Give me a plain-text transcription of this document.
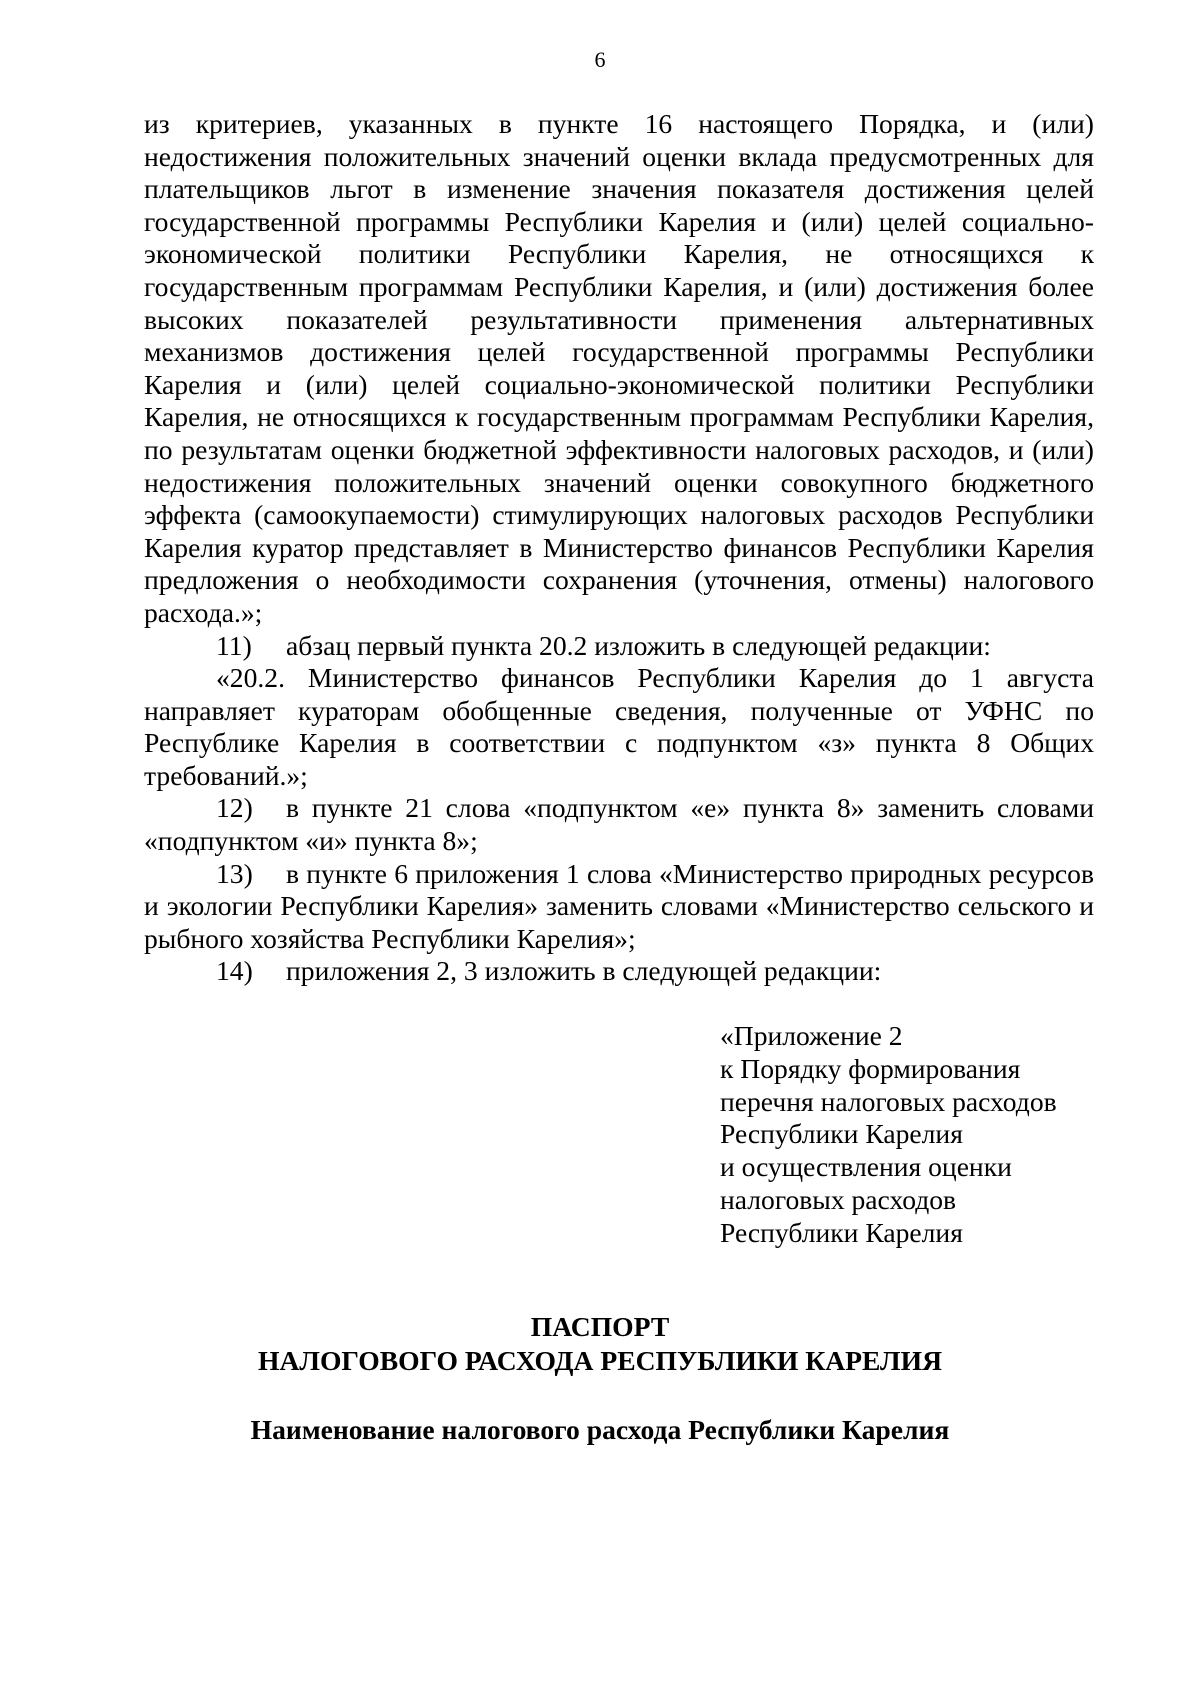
6

из критериев, указанных в пункте 16 настоящего Порядка, и (или) недостижения положительных значений оценки вклада предусмотренных для плательщиков льгот в изменение значения показателя достижения целей государственной программы Республики Карелия и (или) целей социально-экономической политики Республики Карелия, не относящихся к государственным программам Республики Карелия, и (или) достижения более высоких показателей результативности применения альтернативных механизмов достижения целей государственной программы Республики Карелия и (или) целей социально-экономической политики Республики Карелия, не относящихся к государственным программам Республики Карелия, по результатам оценки бюджетной эффективности налоговых расходов, и (или) недостижения положительных значений оценки совокупного бюджетного эффекта (самоокупаемости) стимулирующих налоговых расходов Республики Карелия куратор представляет в Министерство финансов Республики Карелия предложения о необходимости сохранения (уточнения, отмены) налогового расхода.»;

11) абзац первый пункта 20.2 изложить в следующей редакции:

«20.2. Министерство финансов Республики Карелия до 1 августа направляет кураторам обобщенные сведения, полученные от УФНС по Республике Карелия в соответствии с подпунктом «з» пункта 8 Общих требований.»;

12) в пункте 21 слова «подпунктом «е» пункта 8» заменить словами «подпунктом «и» пункта 8»;

13) в пункте 6 приложения 1 слова «Министерство природных ресурсов и экологии Республики Карелия» заменить словами «Министерство сельского и рыбного хозяйства Республики Карелия»;

14) приложения 2, 3 изложить в следующей редакции:

«Приложение 2
к Порядку формирования
перечня налоговых расходов
Республики Карелия
и осуществления оценки
налоговых расходов
Республики Карелия
ПАСПОРТ
НАЛОГОВОГО РАСХОДА РЕСПУБЛИКИ КАРЕЛИЯ
Наименование налогового расхода Республики Карелия
